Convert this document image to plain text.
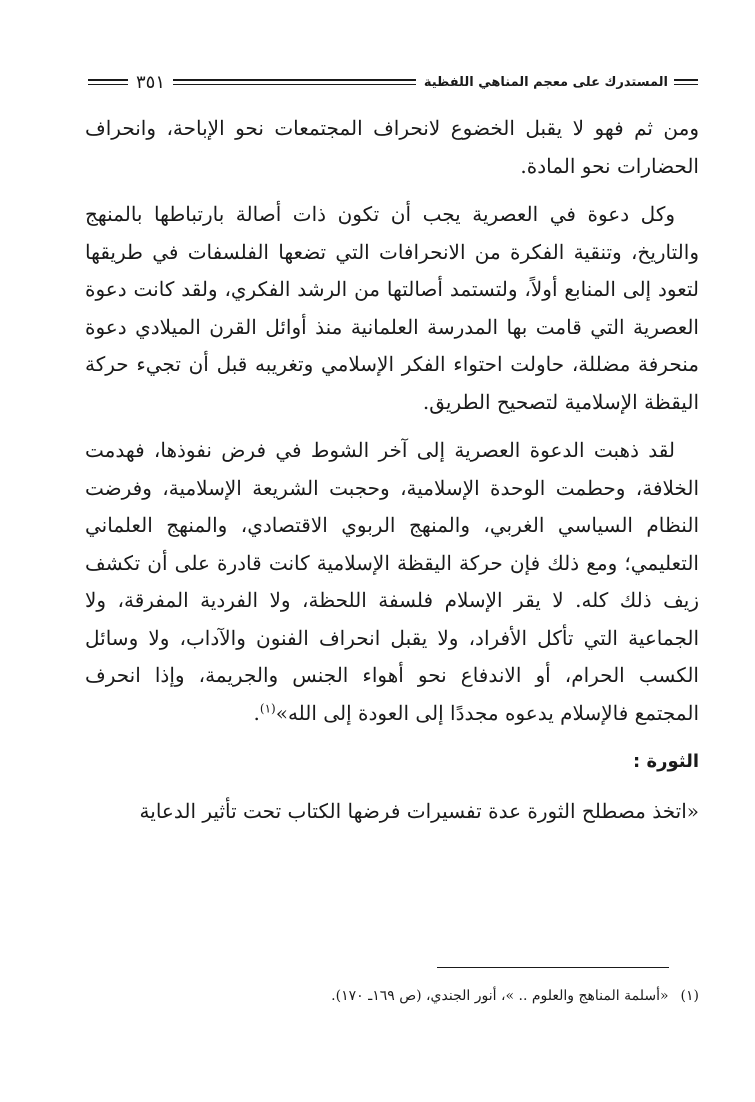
المستدرك على معجم المناهي اللفظية
٣٥١

ومن ثم فهو لا يقبل الخضوع لانحراف المجتمعات نحو الإباحة، وانحراف الحضارات نحو المادة.

وكل دعوة في العصرية يجب أن تكون ذات أصالة بارتباطها بالمنهج والتاريخ، وتنقية الفكرة من الانحرافات التي تضعها الفلسفات في طريقها لتعود إلى المنابع أولاً، ولتستمد أصالتها من الرشد الفكري، ولقد كانت دعوة العصرية التي قامت بها المدرسة العلمانية منذ أوائل القرن الميلادي دعوة منحرفة مضللة، حاولت احتواء الفكر الإسلامي وتغريبه قبل أن تجيء حركة اليقظة الإسلامية لتصحيح الطريق.

لقد ذهبت الدعوة العصرية إلى آخر الشوط في فرض نفوذها، فهدمت الخلافة، وحطمت الوحدة الإسلامية، وحجبت الشريعة الإسلامية، وفرضت النظام السياسي الغربي، والمنهج الربوي الاقتصادي، والمنهج العلماني التعليمي؛ ومع ذلك فإن حركة اليقظة الإسلامية كانت قادرة على أن تكشف زيف ذلك كله. لا يقر الإسلام فلسفة اللحظة، ولا الفردية المفرقة، ولا الجماعية التي تأكل الأفراد، ولا يقبل انحراف الفنون والآداب، ولا وسائل الكسب الحرام، أو الاندفاع نحو أهواء الجنس والجريمة، وإذا انحرف المجتمع فالإسلام يدعوه مجددًا إلى العودة إلى الله»$^{(١)}$.

الثورة :

«اتخذ مصطلح الثورة عدة تفسيرات فرضها الكتاب تحت تأثير الدعاية

(١)«أسلمة المناهج والعلوم .. »، أنور الجندي، (ص ١٦٩ـ ١٧٠).
